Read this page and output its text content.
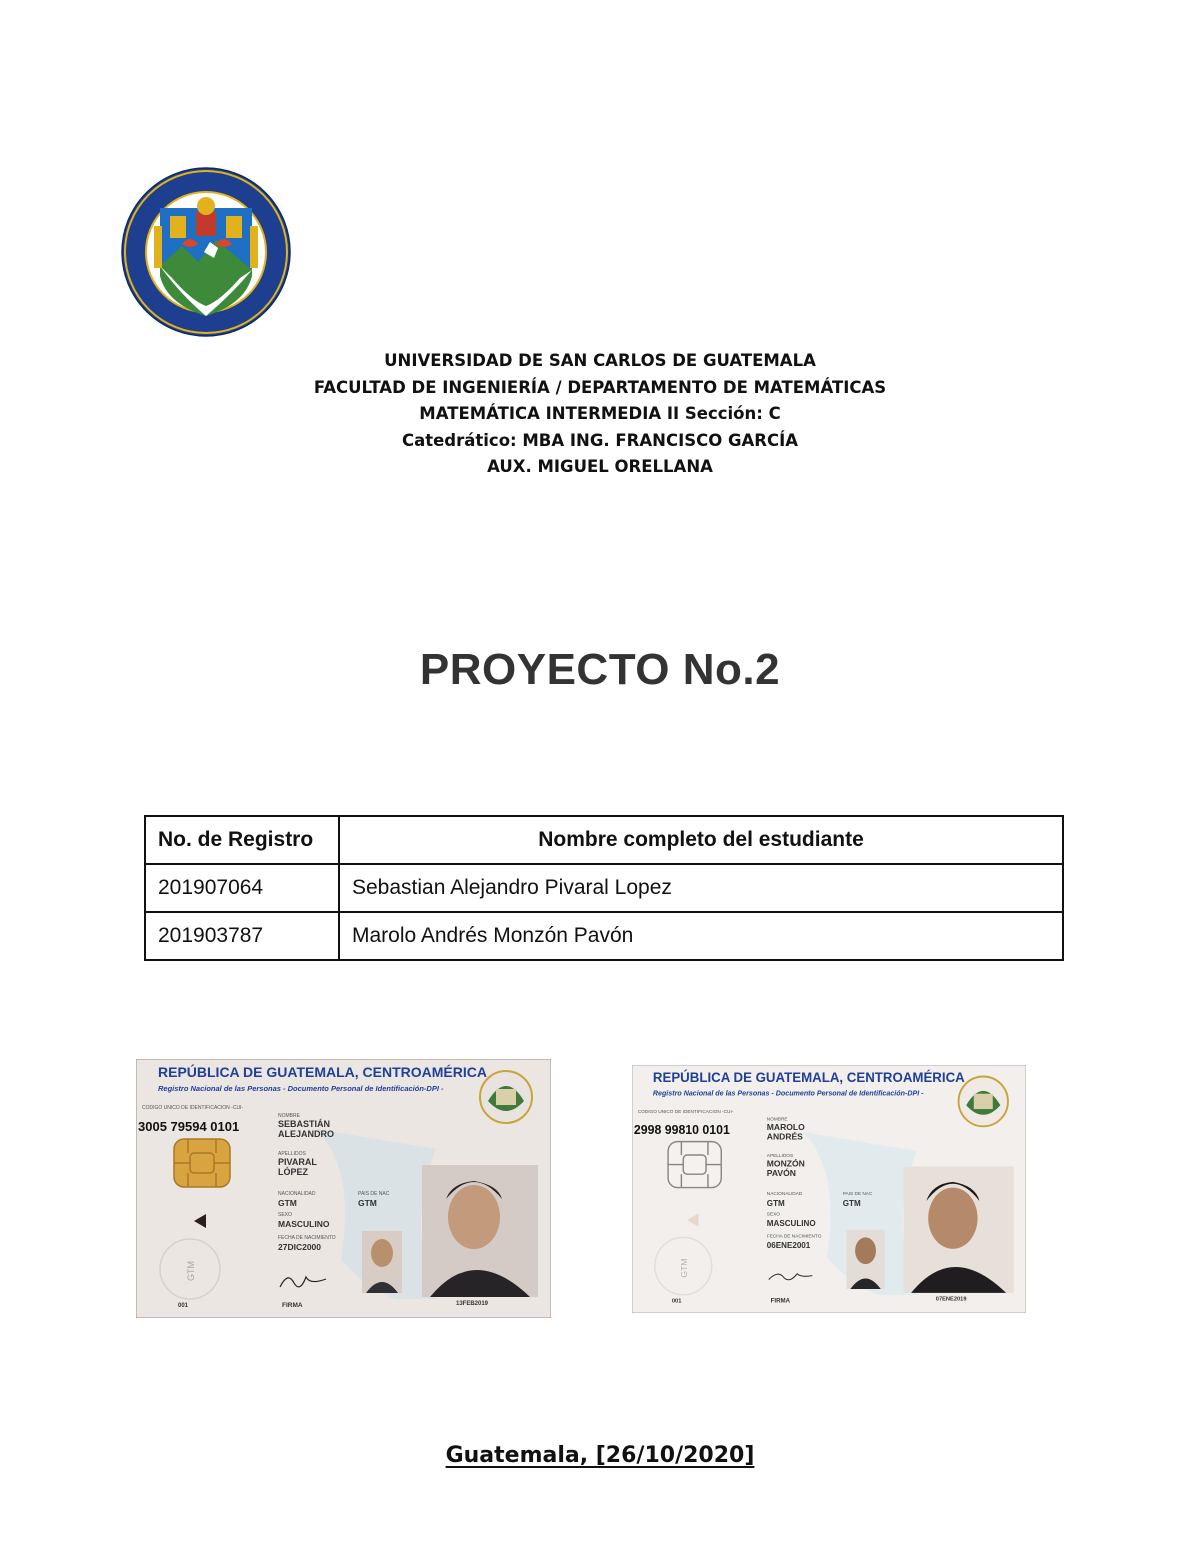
UNIVERSIDAD DE SAN CARLOS DE GUATEMALA
FACULTAD DE INGENIERÍA / DEPARTAMENTO DE MATEMÁTICAS
MATEMÁTICA INTERMEDIA II Sección: C
Catedrático: MBA ING. FRANCISCO GARCÍA
AUX. MIGUEL ORELLANA
PROYECTO No.2
No. de Registro	Nombre completo del estudiante
201907064	Sebastian Alejandro Pivaral Lopez
201903787	Marolo Andrés Monzón Pavón
REPÚBLICA DE GUATEMALA, CENTROAMÉRICA
Registro Nacional de las Personas - Documento Personal de Identificación-DPI -
CODIGO UNICO DE IDENTIFICACION -CUI-
3005 79594 0101
GTM
NOMBRE
SEBASTIÁN
ALEJANDRO
APELLIDOS
PIVARAL
LÓPEZ
NACIONALIDAD
GTM
PAIS DE NAC
GTM
SEXO
MASCULINO
FECHA DE NACIMIENTO
27DIC2000
FIRMA
001	13FEB2019
REPÚBLICA DE GUATEMALA, CENTROAMÉRICA
Registro Nacional de las Personas - Documento Personal de Identificación-DPI -
CODIGO UNICO DE IDENTIFICACION -CUI-
2998 99810 0101
GTM
NOMBRE
MAROLO
ANDRÉS
APELLIDOS
MONZÓN
PAVÓN
NACIONALIDAD
GTM
PAIS DE NAC
GTM
SEXO
MASCULINO
FECHA DE NACIMIENTO
06ENE2001
FIRMA
001	07ENE2019
Guatemala, [26/10/2020]
